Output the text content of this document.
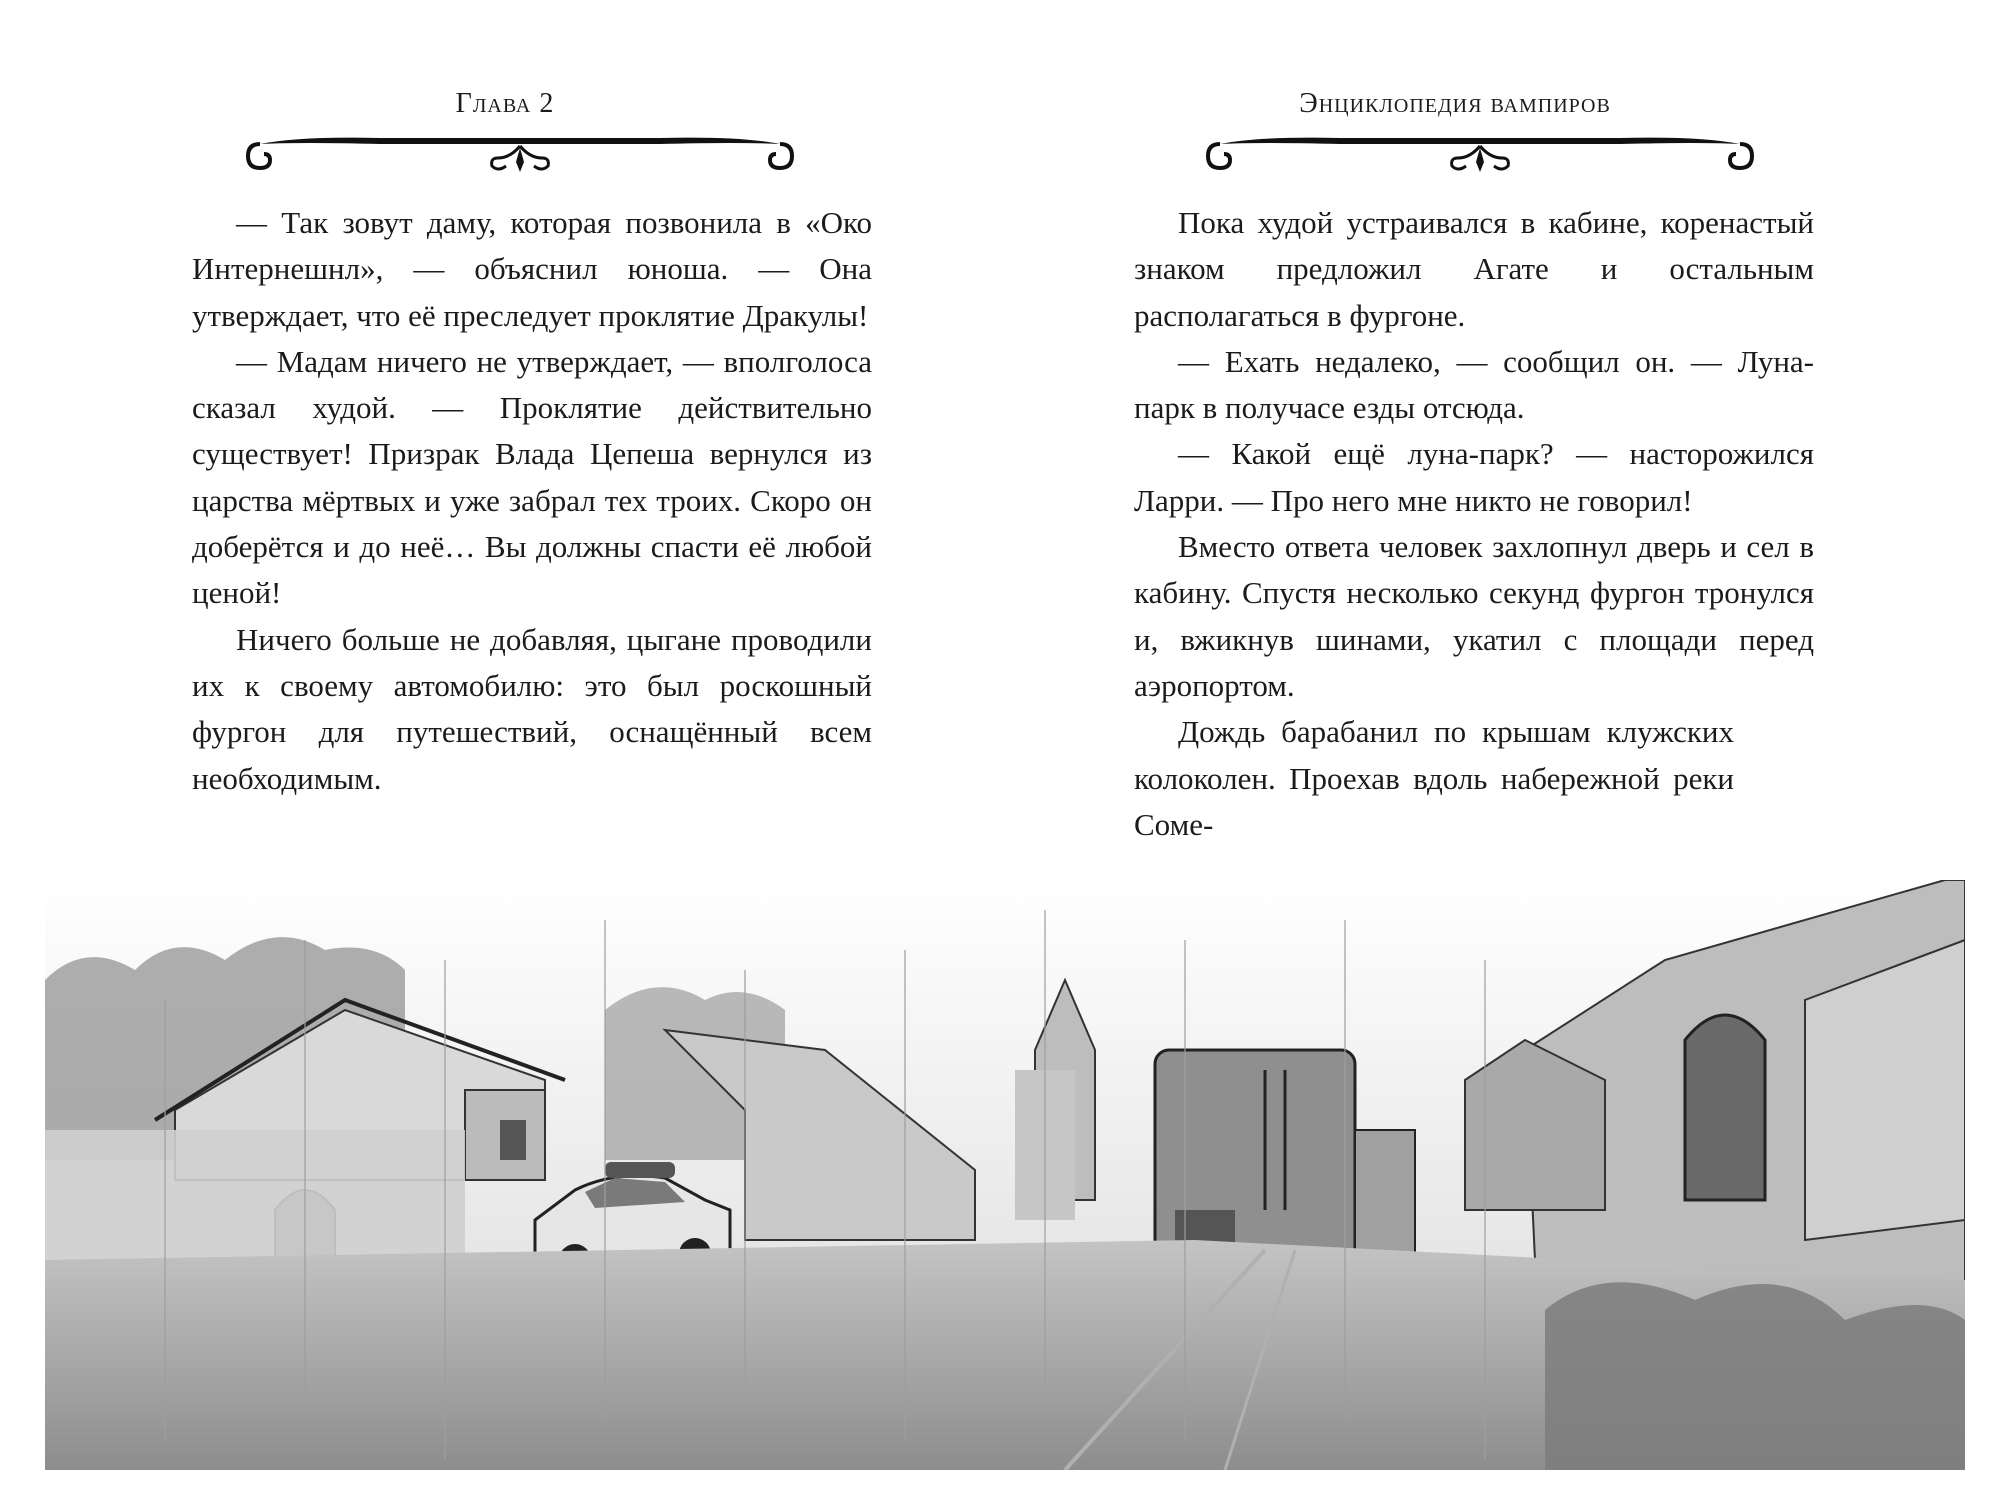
Глава 2

— Так зовут даму, которая позвонила в «Око Интернешнл», — объяснил юноша. — Она утверждает, что её преследует проклятие Дракулы!

— Мадам ничего не утверждает, — вполголоса сказал худой. — Проклятие действительно существует! Призрак Влада Цепеша вернулся из царства мёртвых и уже забрал тех троих. Скоро он доберётся и до неё… Вы должны спасти её любой ценой!

Ничего больше не добавляя, цыгане проводили их к своему автомобилю: это был роскошный фургон для путешествий, оснащённый всем необходимым.

Энциклопедия вампиров

Пока худой устраивался в кабине, коренастый знаком предложил Агате и остальным располагаться в фургоне.

— Ехать недалеко, — сообщил он. — Луна-парк в получасе езды отсюда.

— Какой ещё луна-парк? — насторожился Ларри. — Про него мне никто не говорил!

Вместо ответа человек захлопнул дверь и сел в кабину. Спустя несколько секунд фургон тронулся и, вжикнув шинами, укатил с площади перед аэропортом.

Дождь барабанил по крышам клужских колоколен. Проехав вдоль набережной реки Соме-
